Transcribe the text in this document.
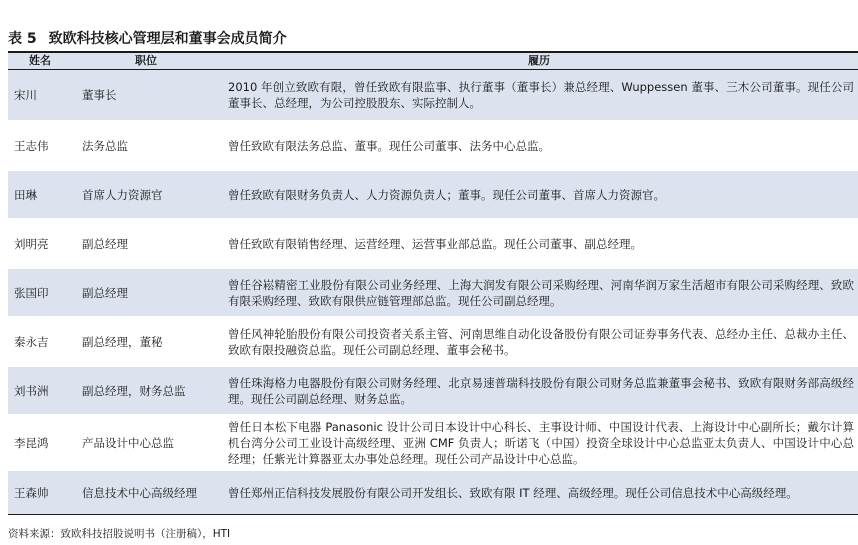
表 5 致欧科技核心管理层和董事会成员简介
姓名	职位	履历
宋川	董事长	2010 年创立致欧有限，曾任致欧有限监事、执行董事（董事长）兼总经理、Wuppessen 董事、三木公司董事。现任公司董事长、总经理，为公司控股股东、实际控制人。
王志伟	法务总监	曾任致欧有限法务总监、董事。现任公司董事、法务中心总监。
田琳	首席人力资源官	曾任致欧有限财务负责人、人力资源负责人；董事。现任公司董事、首席人力资源官。
刘明亮	副总经理	曾任致欧有限销售经理、运营经理、运营事业部总监。现任公司董事、副总经理。
张国印	副总经理	曾任谷崧精密工业股份有限公司业务经理、上海大润发有限公司采购经理、河南华润万家生活超市有限公司采购经理、致欧有限采购经理、致欧有限供应链管理部总监。现任公司副总经理。
秦永吉	副总经理，董秘	曾任风神轮胎股份有限公司投资者关系主管、河南思维自动化设备股份有限公司证券事务代表、总经办主任、总裁办主任、致欧有限投融资总监。现任公司副总经理、董事会秘书。
刘书洲	副总经理，财务总监	曾任珠海格力电器股份有限公司财务经理、北京易速普瑞科技股份有限公司财务总监兼董事会秘书、致欧有限财务部高级经理。现任公司副总经理、财务总监。
李昆鸿	产品设计中心总监	曾任日本松下电器 Panasonic 设计公司日本设计中心科长、主事设计师、中国设计代表、上海设计中心副所长；戴尔计算机台湾分公司工业设计高级经理、亚洲 CMF 负责人；昕诺飞（中国）投资全球设计中心总监亚太负责人、中国设计中心总经理；任紫光计算器亚太办事处总经理。现任公司产品设计中心总监。
王森帅	信息技术中心高级经理	曾任郑州正信科技发展股份有限公司开发组长、致欧有限 IT 经理、高级经理。现任公司信息技术中心高级经理。
资料来源：致欧科技招股说明书（注册稿），HTI
